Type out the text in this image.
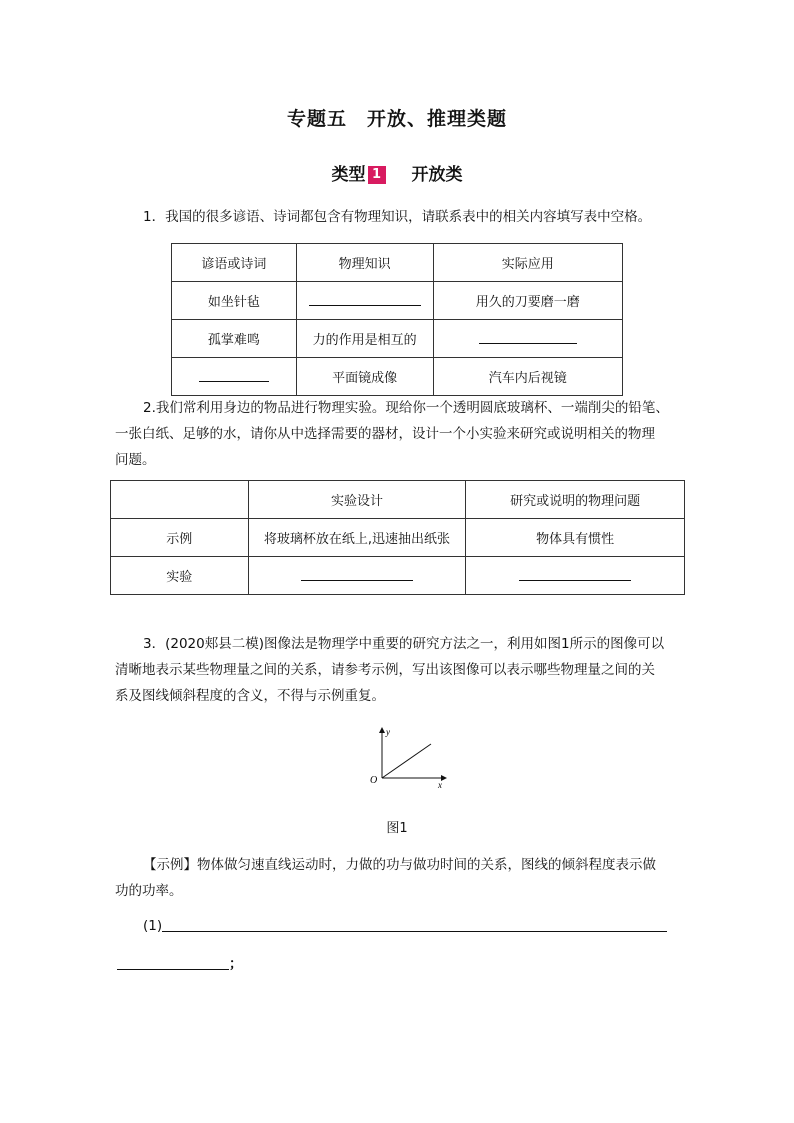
专题五　开放、推理类题
类型 1 开放类
1．我国的很多谚语、诗词都包含有物理知识，请联系表中的相关内容填写表中空格。
谚语或诗词	物理知识	实际应用
如坐针毡		用久的刀要磨一磨
孤掌难鸣	力的作用是相互的	
	平面镜成像	汽车内后视镜
2.我们常利用身边的物品进行物理实验。现给你一个透明圆底玻璃杯、一端削尖的铅笔、
一张白纸、足够的水，请你从中选择需要的器材，设计一个小实验来研究或说明相关的物理
问题。
	实验设计	研究或说明的物理问题
示例	将玻璃杯放在纸上,迅速抽出纸张	物体具有惯性
实验		
3．(2020郏县二模)图像法是物理学中重要的研究方法之一，利用如图1所示的图像可以
清晰地表示某些物理量之间的关系，请参考示例，写出该图像可以表示哪些物理量之间的关
系及图线倾斜程度的含义，不得与示例重复。
y
x
O
图1
【示例】物体做匀速直线运动时，力做的功与做功时间的关系，图线的倾斜程度表示做
功的功率。
(1)
；
